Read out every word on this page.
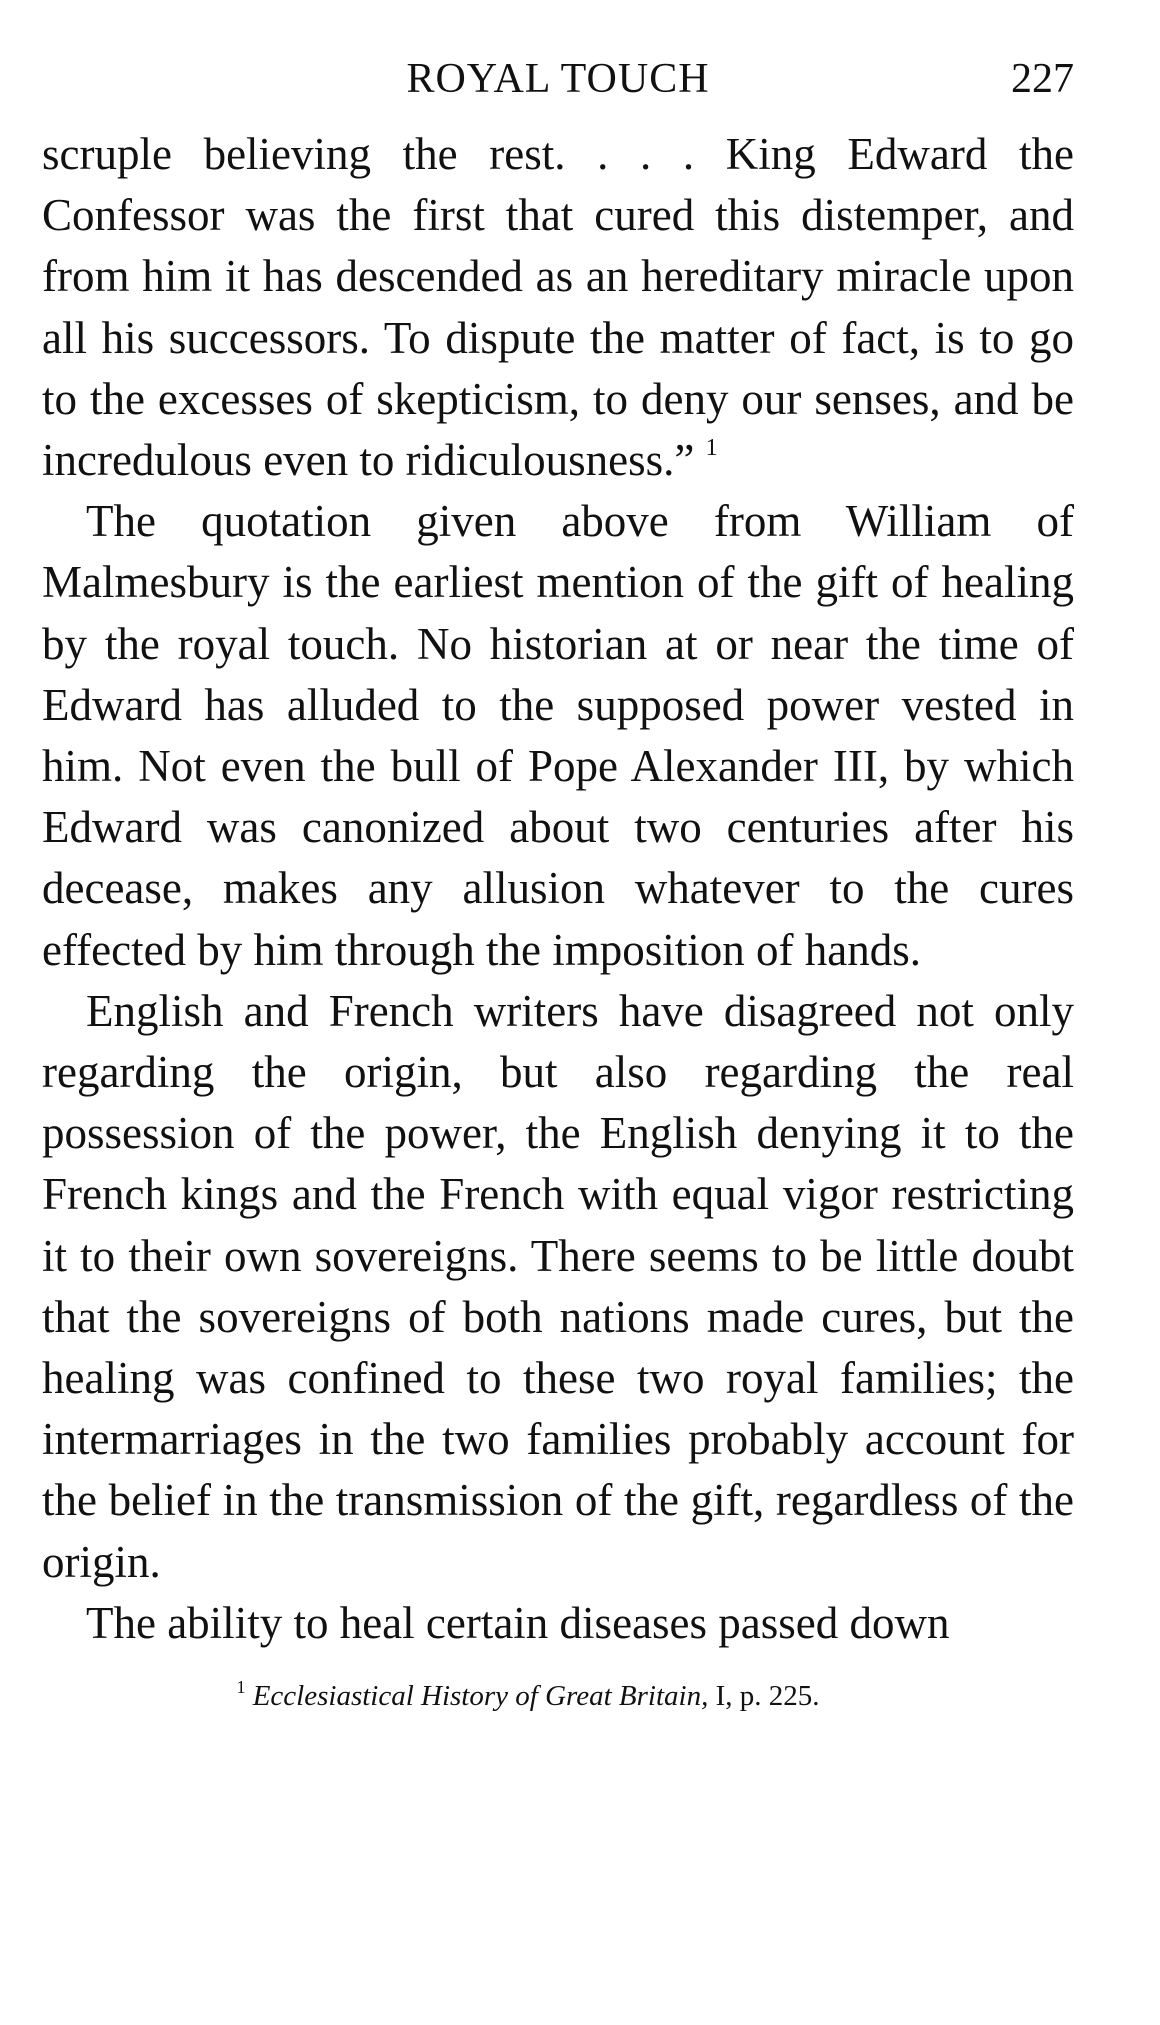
ROYAL TOUCH	227

scruple believing the rest. . . . King Edward the Confessor was the first that cured this distemper, and from him it has descended as an hereditary miracle upon all his successors. To dispute the matter of fact, is to go to the excesses of skepticism, to deny our senses, and be incredulous even to ridiculousness.” $^1$

The quotation given above from William of Malmesbury is the earliest mention of the gift of healing by the royal touch. No historian at or near the time of Edward has alluded to the supposed power vested in him. Not even the bull of Pope Alexander III, by which Edward was canonized about two centuries after his decease, makes any allusion whatever to the cures effected by him through the imposition of hands.

English and French writers have disagreed not only regarding the origin, but also regarding the real possession of the power, the English denying it to the French kings and the French with equal vigor restricting it to their own sovereigns. There seems to be little doubt that the sovereigns of both nations made cures, but the healing was confined to these two royal families; the intermarriages in the two families probably account for the belief in the transmission of the gift, regardless of the origin.

The ability to heal certain diseases passed down

$^1$ Ecclesiastical History of Great Britain, I, p. 225.
